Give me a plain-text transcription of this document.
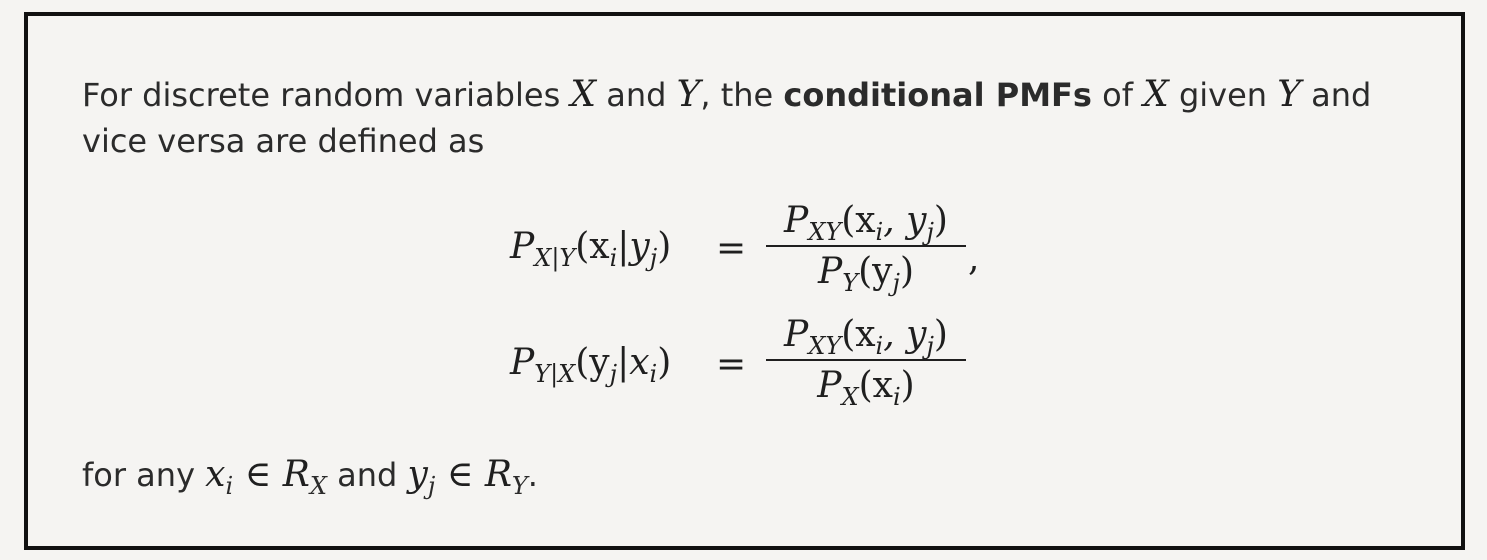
For discrete random variables X and Y, the conditional PMFs of X given Y and
vice versa are defined as
$P_{X|Y}(x_i|y_j)$ =
$P_{XY}(x_i$, $y_j$)
$P_Y(y_j)$	,
$P_{Y|X}(y_j|x_i)$ =
$P_{XY}(x_i$, $y_j$)
$P_X(x_i)$
for any $x_i$ ∈ $R_X$ and $y_j$ ∈ $R_Y$.
